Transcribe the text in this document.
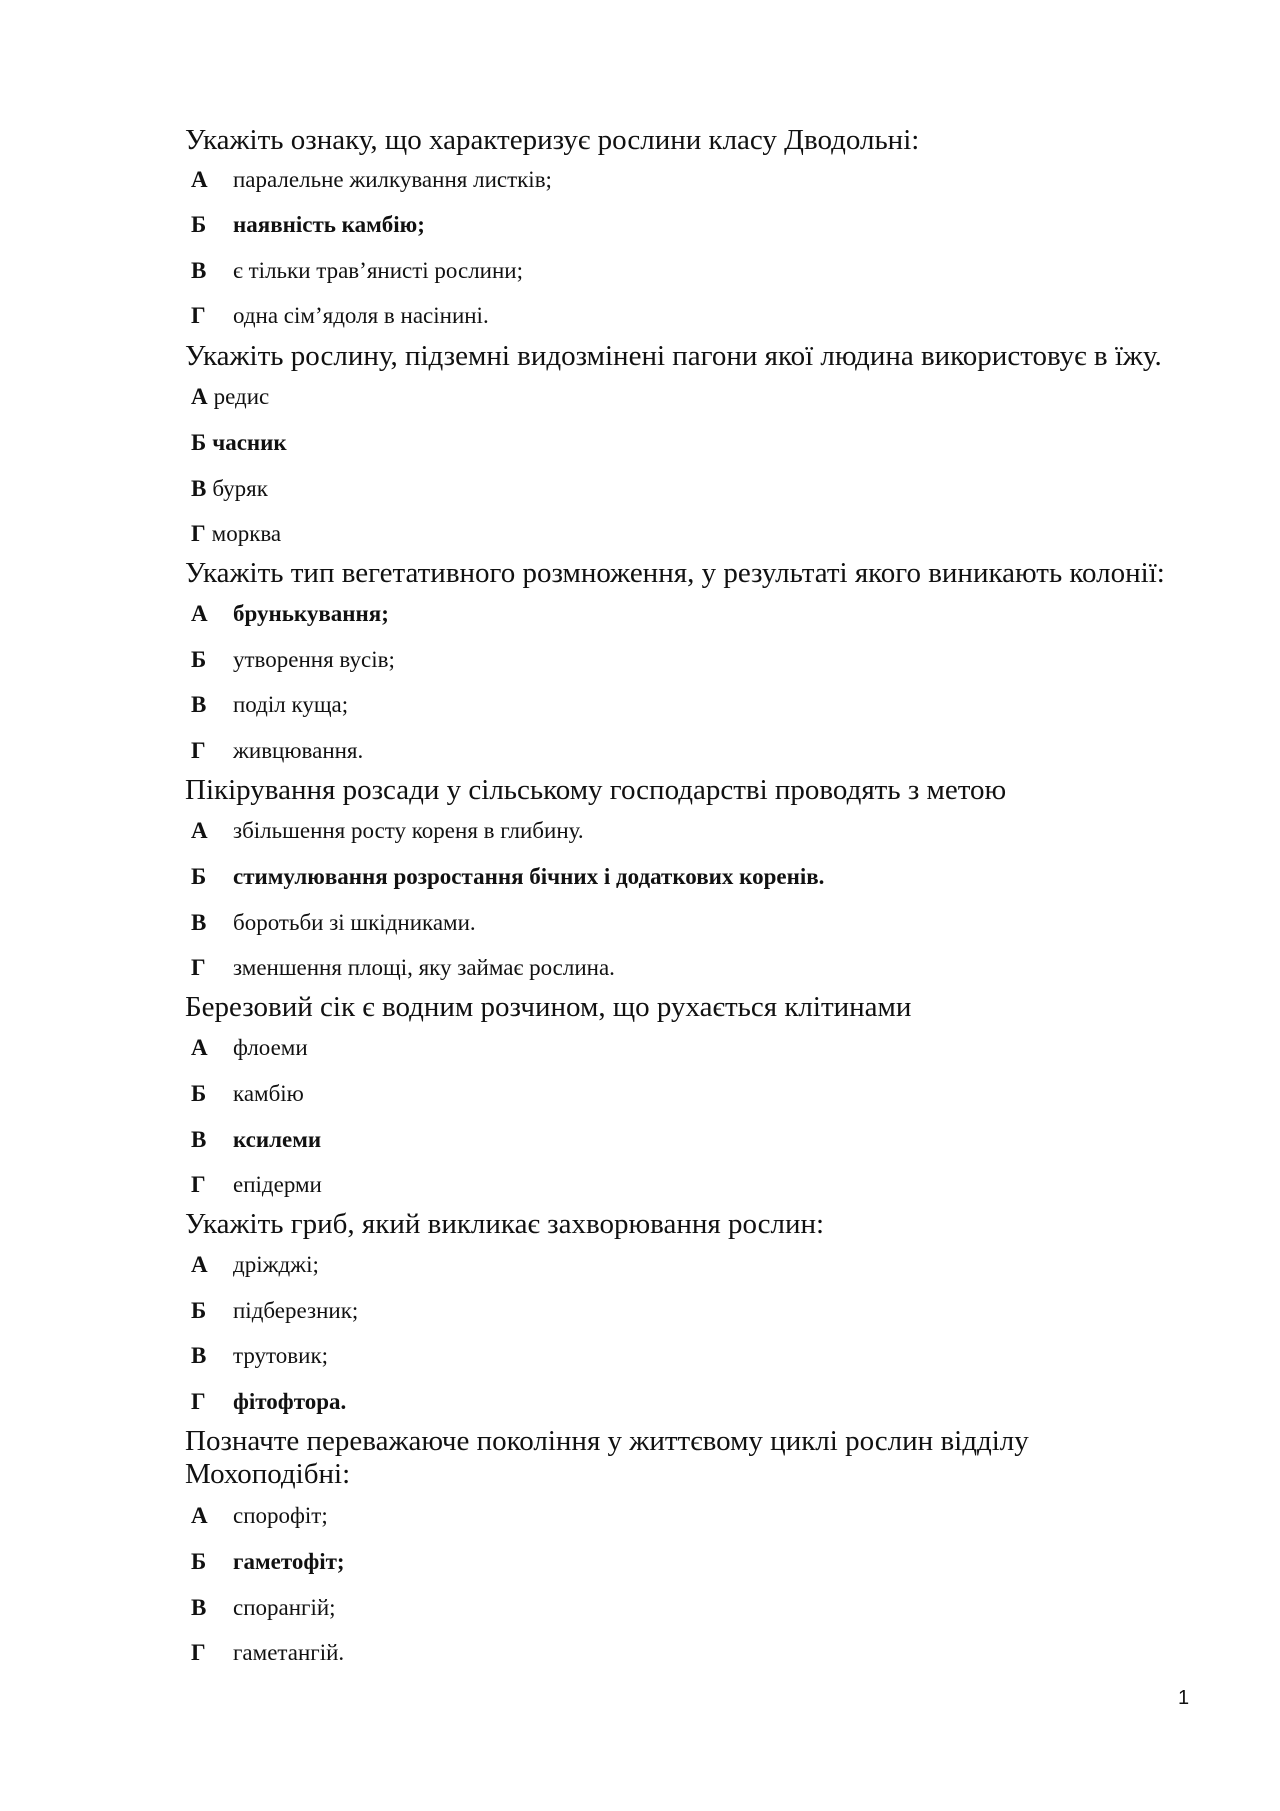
Укажіть ознаку, що характеризує рослини класу Дводольні:
А паралельне жилкування листків;
Б наявність камбію;
В є тільки трав’янисті рослини;
Г одна сім’ядоля в насінині.
Укажіть рослину, підземні видозмінені пагони якої людина використовує в їжу.
А редис
Б часник
В буряк
Г морква
Укажіть тип вегетативного розмноження, у результаті якого виникають колонії:
А брунькування;
Б утворення вусів;
В поділ куща;
Г живцювання.
Пікірування розсади у сільському господарстві проводять з метою
А збільшення росту кореня в глибину.
Б стимулювання розростання бічних і додаткових коренів.
В боротьби зі шкідниками.
Г зменшення площі, яку займає рослина.
Березовий сік є водним розчином, що рухається клітинами
А флоеми
Б камбію
В ксилеми
Г епідерми
Укажіть гриб, який викликає захворювання рослин:
А дріжджі;
Б підберезник;
В трутовик;
Г фітофтора.
Позначте переважаюче покоління у життєвому циклі рослин відділу Мохоподібні:
А спорофіт;
Б гаметофіт;
В спорангій;
Г гаметангій.
1
